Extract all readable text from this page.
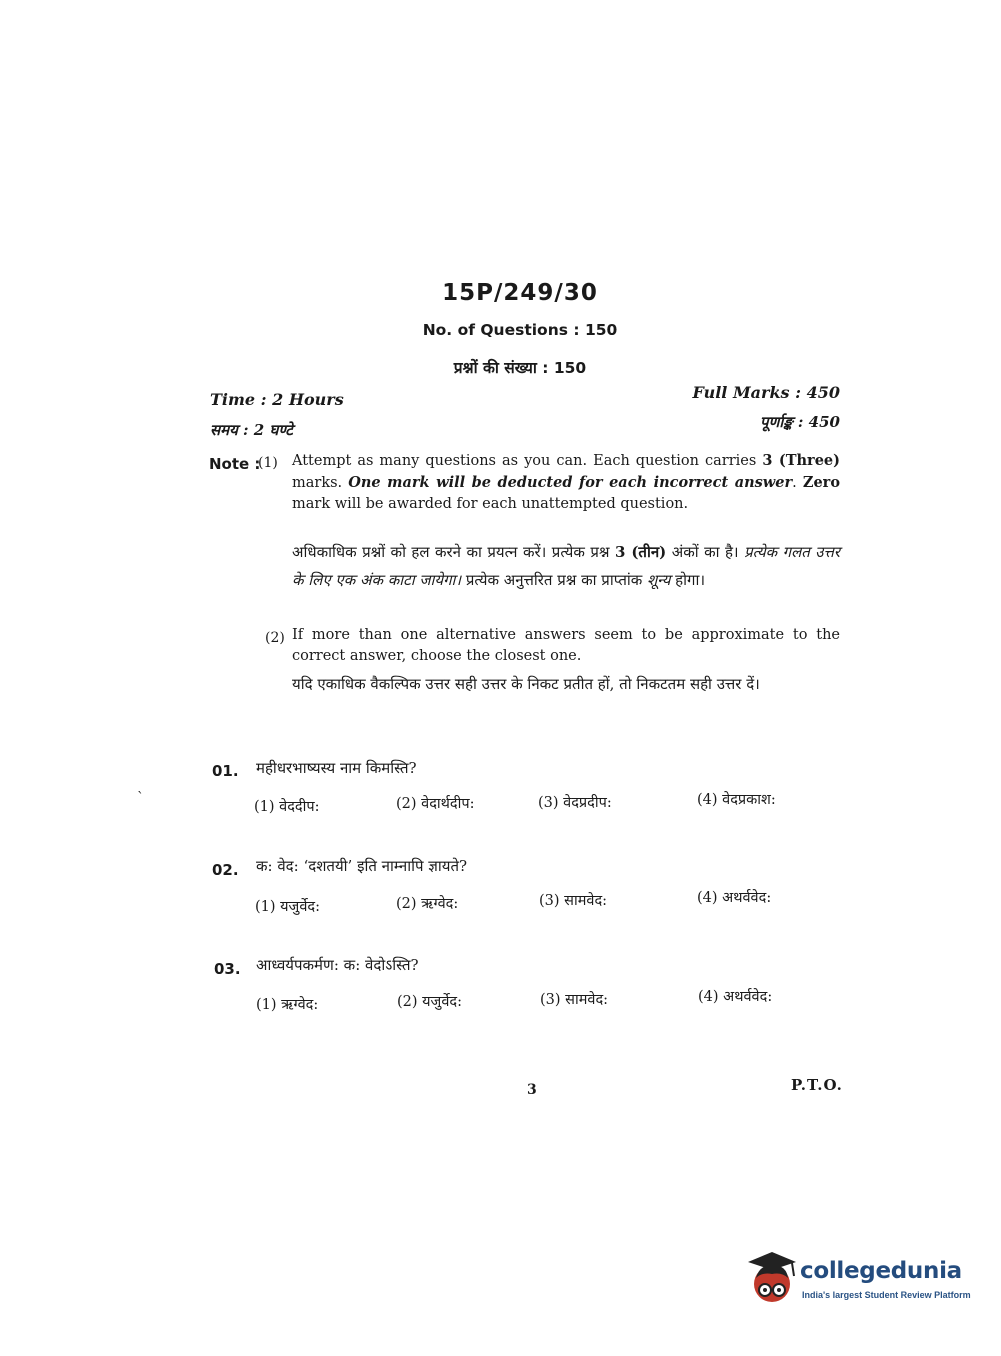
15P/249/30
No. of Questions : 150
प्रश्नों की संख्या : 150
Time : 2 Hours
समय : 2 घण्टे
Full Marks : 450
पूर्णाङ्क : 450
`
Note :
(1) Attempt as many questions as you can. Each question carries 3 (Three) marks. One mark will be deducted for each incorrect answer. Zero mark will be awarded for each unattempted question.
अधिकाधिक प्रश्नों को हल करने का प्रयत्न करें। प्रत्येक प्रश्न 3 (तीन) अंकों का है। प्रत्येक गलत उत्तर के लिए एक अंक काटा जायेगा। प्रत्येक अनुत्तरित प्रश्न का प्राप्तांक शून्य होगा।
(2) If more than one alternative answers seem to be approximate to the correct answer, choose the closest one.
यदि एकाधिक वैकल्पिक उत्तर सही उत्तर के निकट प्रतीत हों, तो निकटतम सही उत्तर दें।
01. महीधरभाष्यस्य नाम किमस्ति?
(1) वेददीप:	(2) वेदार्थदीप:	(3) वेदप्रदीप:	(4) वेदप्रकाश:
02. क: वेद: ‘दशतयी’ इति नाम्नापि ज्ञायते?
(1) यजुर्वेद:	(2) ऋग्वेद:	(3) सामवेद:	(4) अथर्ववेद:
03. आध्वर्यपकर्मण: क: वेदोऽस्ति?
(1) ऋग्वेद:	(2) यजुर्वेद:	(3) सामवेद:	(4) अथर्ववेद:
3	P.T.O.
collegedunia
India's largest Student Review Platform
